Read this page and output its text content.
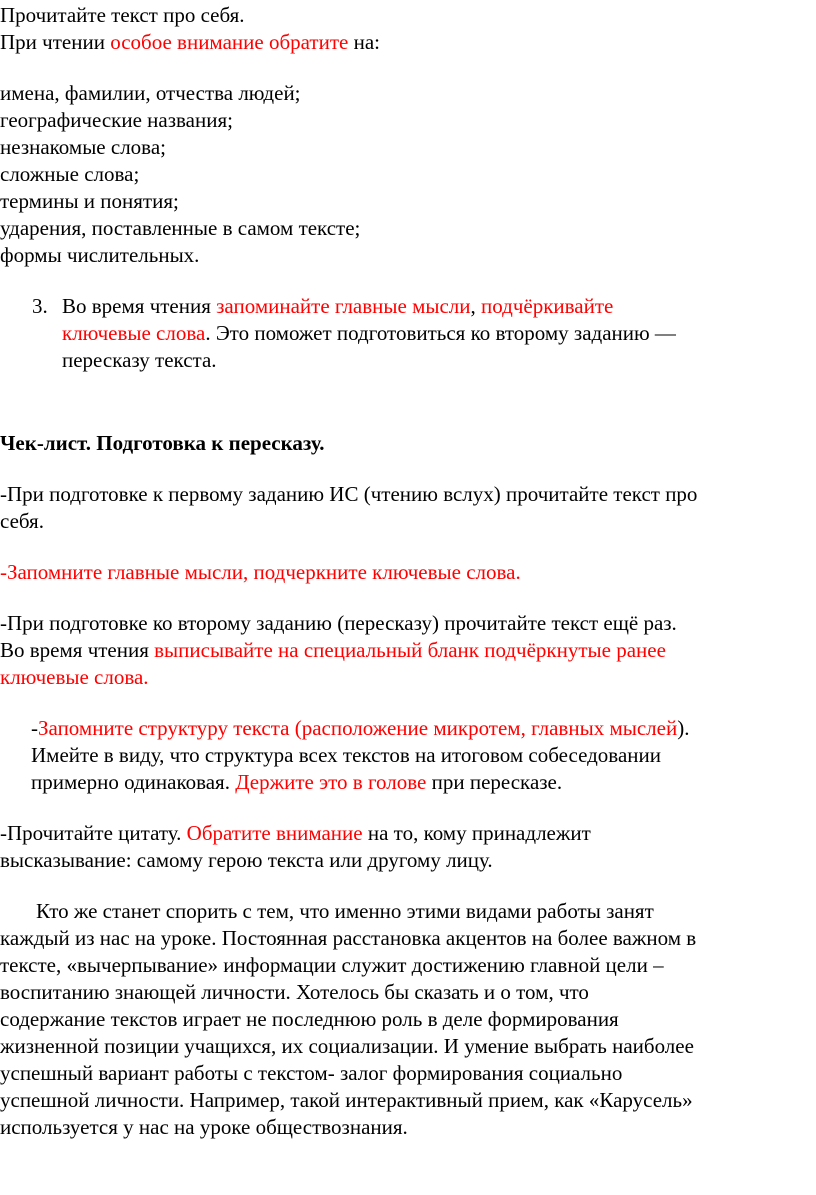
Прочитайте текст про себя.
При чтении особое внимание обратите на:
имена, фамилии, отчества людей;
географические названия;
незнакомые слова;
сложные слова;
термины и понятия;
ударения, поставленные в самом тексте;
формы числительных.
3. Во время чтения запоминайте главные мысли, подчёркивайте
ключевые слова. Это поможет подготовиться ко второму заданию —
пересказу текста.
Чек-лист. Подготовка к пересказу.
-При подготовке к первому заданию ИС (чтению вслух) прочитайте текст про
себя.
-Запомните главные мысли, подчеркните ключевые слова.
-При подготовке ко второму заданию (пересказу) прочитайте текст ещё раз.
Во время чтения выписывайте на специальный бланк подчёркнутые ранее
ключевые слова.
-Запомните структуру текста (расположение микротем, главных мыслей).
Имейте в виду, что структура всех текстов на итоговом собеседовании
примерно одинаковая. Держите это в голове при пересказе.
-Прочитайте цитату. Обратите внимание на то, кому принадлежит
высказывание: самому герою текста или другому лицу.
Кто же станет спорить с тем, что именно этими видами работы занят
каждый из нас на уроке. Постоянная расстановка акцентов на более важном в
тексте, «вычерпывание» информации служит достижению главной цели –
воспитанию знающей личности. Хотелось бы сказать и о том, что
содержание текстов играет не последнюю роль в деле формирования
жизненной позиции учащихся, их социализации. И умение выбрать наиболее
успешный вариант работы с текстом- залог формирования социально
успешной личности. Например, такой интерактивный прием, как «Карусель»
используется у нас на уроке обществознания.
